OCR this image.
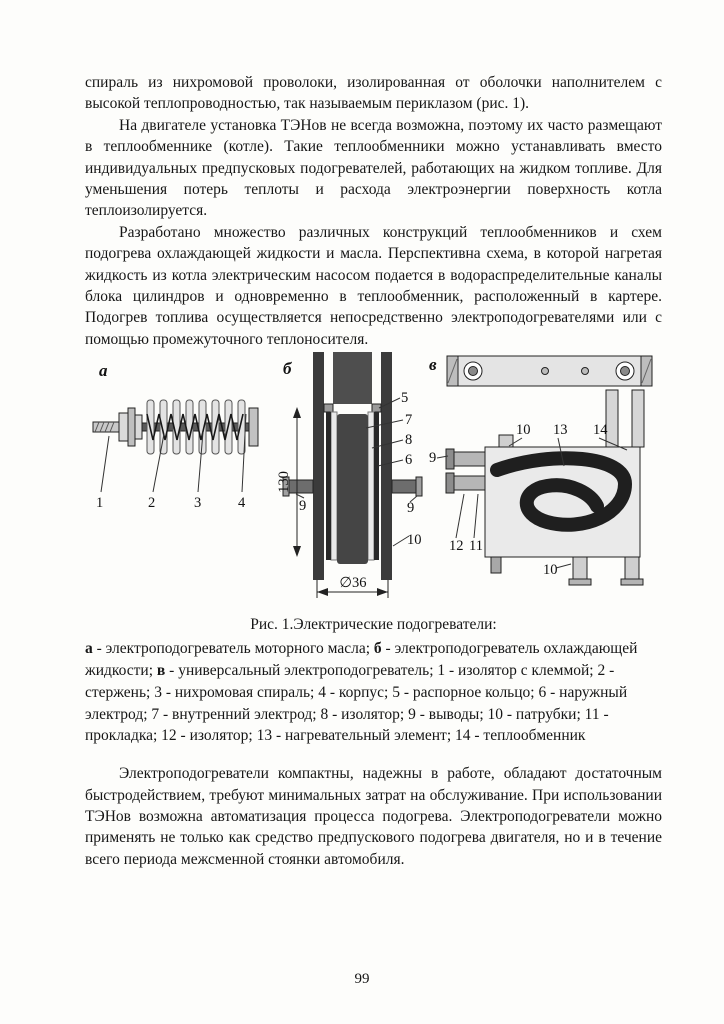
спираль из нихромовой проволоки, изолированная от оболочки наполнителем с высокой теплопроводностью, так называемым периклазом (рис. 1).

На двигателе установка ТЭНов не всегда возможна, поэтому их часто размещают в теплообменнике (котле). Такие теплообменники можно устанавливать вместо индивидуальных предпусковых подогревателей, работающих на жидком топливе. Для уменьшения потерь теплоты и расхода электроэнергии поверхность котла теплоизолируется.

Разработано множество различных конструкций теплообменников и схем подогрева охлаждающей жидкости и масла. Перспективна схема, в которой нагретая жидкость из котла электрическим насосом подается в водораспределительные каналы блока цилиндров и одновременно в теплообменник, расположенный в картере. Подогрев топлива осуществляется непосредственно электроподогревателями или с помощью промежуточного теплоносителя.

а
1	2	3	4
б
130
∅36
5
7
8
6
9	9
10
в
10 13 14
9
12 11
10
Рис. 1.Электрические подогреватели:
а - электроподогреватель моторного масла; б - электроподогреватель охлаждающей жидкости; в - универсальный электроподогреватель; 1 - изолятор с клеммой; 2 - стержень; 3 - нихромовая спираль; 4 - корпус; 5 - распорное кольцо; 6 - наружный электрод; 7 - внутренний электрод; 8 - изолятор; 9 - выводы; 10 - патрубки; 11 - прокладка; 12 - изолятор; 13 - нагревательный элемент; 14 - теплообменник

Электроподогреватели компактны, надежны в работе, обладают достаточным быстродействием, требуют минимальных затрат на обслуживание. При использовании ТЭНов возможна автоматизация процесса подогрева. Электроподогреватели можно применять не только как средство предпускового подогрева двигателя, но и в течение всего периода межсменной стоянки автомобиля.

99
